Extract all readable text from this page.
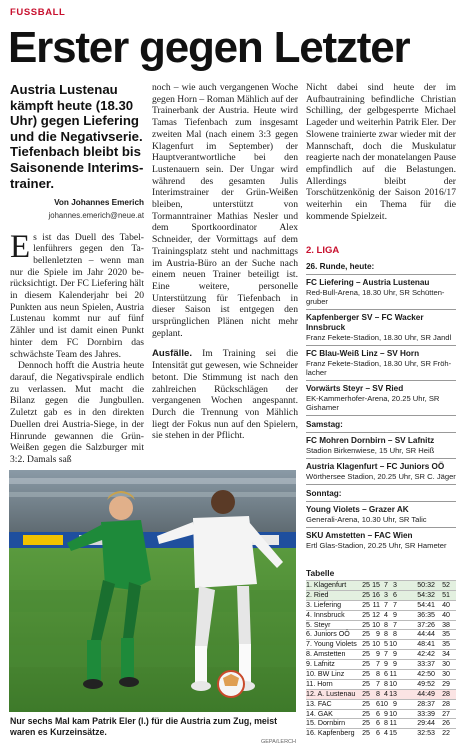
FUSSBALL
Erster gegen Letzter
Austria Lustenau kämpft heute (18.30 Uhr) gegen Liefering und die Negativserie. Tiefenbach bleibt bis Saisonende Interimstrainer.
Von Johannes Emerich
johannes.emerich@neue.at

Es ist das Duell des Tabellenführers gegen den Tabellenletzten – wenn man nur die Spiele im Jahr 2020 berücksichtigt. Der FC Liefering hält in diesem Kalenderjahr bei 20 Punkten aus neun Spielen, Austria Lustenau kommt nur auf fünf Zähler und ist damit einen Punkt hinter dem FC Dornbirn das schwächste Team des Jahres.

Dennoch hofft die Austria heute darauf, die Negativspirale endlich zu verlassen. Mut macht die Bilanz gegen die Jungbullen. Zuletzt gab es in den direkten Duellen drei Austria-Siege, in der Hinrunde gewannen die Grün-Weißen gegen die Salzburger mit 3:2. Damals saß

noch – wie auch vergangenen Woche gegen Horn – Roman Mählich auf der Trainerbank der Austria. Heute wird Tamas Tiefenbach zum insgesamt zweiten Mal (nach einem 3:3 gegen Klagenfurt im September) der Hauptverantwortliche bei den Lustenauern sein. Der Ungar wird während des gesamten Julis Interimstrainer der Grün-Weißen bleiben, unterstützt von Tormanntrainer Mathias Nesler und dem Sportkoordinator Alex Schneider, der Vormittags auf dem Trainingsplatz steht und nachmittags im Austria-Büro an der Suche nach einem neuen Trainer beteiligt ist. Eine weitere, personelle Unterstützung für Tiefenbach in dieser Saison ist entgegen den ursprünglichen Plänen nicht mehr geplant.

Ausfälle. Im Training sei die Intensität gut gewesen, wie Schneider betont. Die Stimmung ist nach den zahlreichen Rückschlägen der vergangenen Wochen angespannt. Durch die Trennung von Mählich liegt der Fokus nun auf den Spielern, sie stehen in der Pflicht.

Nicht dabei sind heute der im Aufbautraining befindliche Christian Schilling, der gelbgesperrte Michael Lageder und weiterhin Patrik Eler. Der Slowene trainierte zwar wieder mit der Mannschaft, doch die Muskulatur reagierte nach der monatelangen Pause empfindlich auf die Belastungen. Allerdings bleibt der Torschützenkönig der Saison 2016/17 weiterhin ein Thema für die kommende Spielzeit.

Nur sechs Mal kam Patrik Eler (l.) für die Austria zum Zug, meist waren es Kurzeinsätze.
GEPA/LERCH
2. LIGA
26. Runde, heute:
FC Liefering – Austria Lustenau
Red-Bull-Arena, 18.30 Uhr, SR Schüttengruber
Kapfenberger SV – FC Wacker Innsbruck
Franz Fekete-Stadion, 18.30 Uhr, SR Jandl
FC Blau-Weiß Linz – SV Horn
Franz Fekete-Stadion, 18.30 Uhr, SR Fröhlacher
Vorwärts Steyr – SV Ried
EK-Kammerhofer-Arena, 20.25 Uhr, SR Gishamer
Samstag:
FC Mohren Dornbirn – SV Lafnitz
Stadion Birkenwiese, 15 Uhr, SR Heiß
Austria Klagenfurt – FC Juniors OÖ
Wörthersee Stadion, 20.25 Uhr, SR C. Jäger
Sonntag:
Young Violets – Grazer AK
Generali-Arena, 10.30 Uhr, SR Talic
SKU Amstetten – FAC Wien
Ertl Glas-Stadion, 20.25 Uhr, SR Hameter
Tabelle
1. Klagenfurt	25 15 7 3	50:32	52
2. Ried	25 16 3 6	54:32	51
3. Liefering	25 11 7 7	54:41	40
4. Innsbruck	25 12 4 9	36:35	40
5. Steyr	25 10 8 7	37:26	38
6. Juniors OÖ	25 9 8 8	44:44	35
7. Young Violets 25 10 5 10	48:41	35
8. Amstetten	25 9 7 9	42:42	34
9. Lafnitz	25 7 9 9	33:37	30
10. BW Linz	25 8 6 11	42:50	30
11. Horn	25 7 8 10	49:52	29
12. A. Lustenau 25 8 4 13	44:49	28
13. FAC	25 6 10 9	28:37	28
14. GAK	25 6 9 10	33:39	27
15. Dornbirn	25 6 8 11	29:44	26
16. Kapfenberg	25 6 4 15	32:53	22
